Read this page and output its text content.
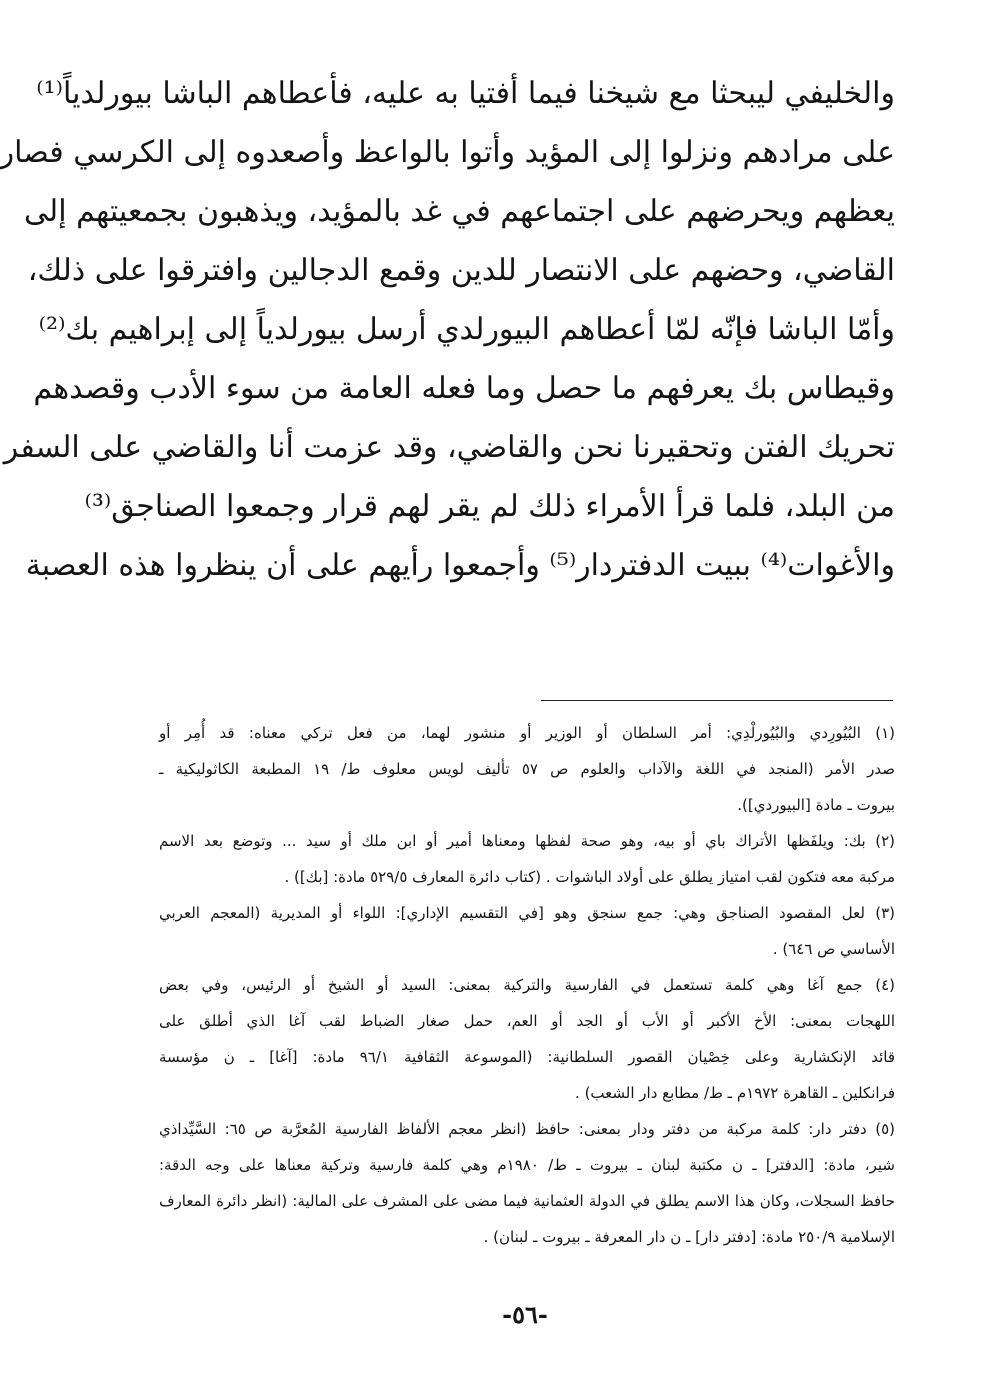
والخليفي ليبحثا مع شيخنا فيما أفتيا به عليه، فأعطاهم الباشا بيورلدياً⁽¹⁾
على مرادهم ونزلوا إلى المؤيد وأتوا بالواعظ وأصعدوه إلى الكرسي فصار
يعظهم ويحرضهم على اجتماعهم في غد بالمؤيد، ويذهبون بجمعيتهم إلى
القاضي، وحضهم على الانتصار للدين وقمع الدجالين وافترقوا على ذلك،
وأمّا الباشا فإنّه لمّا أعطاهم البيورلدي أرسل بيورلدياً إلى إبراهيم بك⁽²⁾
وقيطاس بك يعرفهم ما حصل وما فعله العامة من سوء الأدب وقصدهم
تحريك الفتن وتحقيرنا نحن والقاضي، وقد عزمت أنا والقاضي على السفر
من البلد، فلما قرأ الأمراء ذلك لم يقر لهم قرار وجمعوا الصناجق⁽³⁾
والأغوات⁽⁴⁾ ببيت الدفتردار⁽⁵⁾ وأجمعوا رأيهم على أن ينظروا هذه العصبة
(١) البُيُورِدي والبُيُورلْدِي: أمر السلطان أو الوزير أو منشور لهما، من فعل تركي معناه: قد أُمِر أو
صدر الأمر (المنجد في اللغة والآداب والعلوم ص ٥٧ تأليف لويس معلوف ط/ ١٩ المطبعة الكاثوليكية ـ
بيروت ـ مادة [البيوردي]).
(٢) بك: ويلفَظها الأتراك باي أو بيه، وهو صحة لفظها ومعناها أمير أو ابن ملك أو سيد ... وتوضع بعد الاسم
مركبة معه فتكون لقب امتياز يطلق على أولاد الباشوات . (كتاب دائرة المعارف ٥٢٩/٥ مادة: [بك]) .
(٣) لعل المقصود الصناجق وهي: جمع سنجق وهو [في التقسيم الإداري]: اللواء أو المديرية (المعجم العربي
الأساسي ص ٦٤٦) .
(٤) جمع آغا وهي كلمة تستعمل في الفارسية والتركية بمعنى: السيد أو الشيخ أو الرئيس، وفي بعض
اللهجات بمعنى: الأخ الأكبر أو الأب أو الجد أو العم، حمل صغار الضباط لقب آغا الذي أطلق على
قائد الإنكشارية وعلى خِصْيان القصور السلطانية: (الموسوعة الثقافية ٩٦/١ مادة: [آغا] ـ ن مؤسسة
فرانكلين ـ القاهرة ١٩٧٢م ـ ط/ مطابع دار الشعب) .
(٥) دفتر دار: كلمة مركبة من دفتر ودار بمعنى: حافظ (انظر معجم الألفاظ الفارسية المُعرَّبة ص ٦٥: السَّيِّداذي
شير، مادة: [الدفتر] ـ ن مكتبة لبنان ـ بيروت ـ ط/ ١٩٨٠م وهي كلمة فارسية وتركية معناها على وجه الدقة:
حافظ السجلات، وكان هذا الاسم يطلق في الدولة العثمانية فيما مضى على المشرف على المالية: (انظر دائرة المعارف
الإسلامية ٢٥٠/٩ مادة: [دفتر دار] ـ ن دار المعرفة ـ بيروت ـ لبنان) .
-٥٦-
